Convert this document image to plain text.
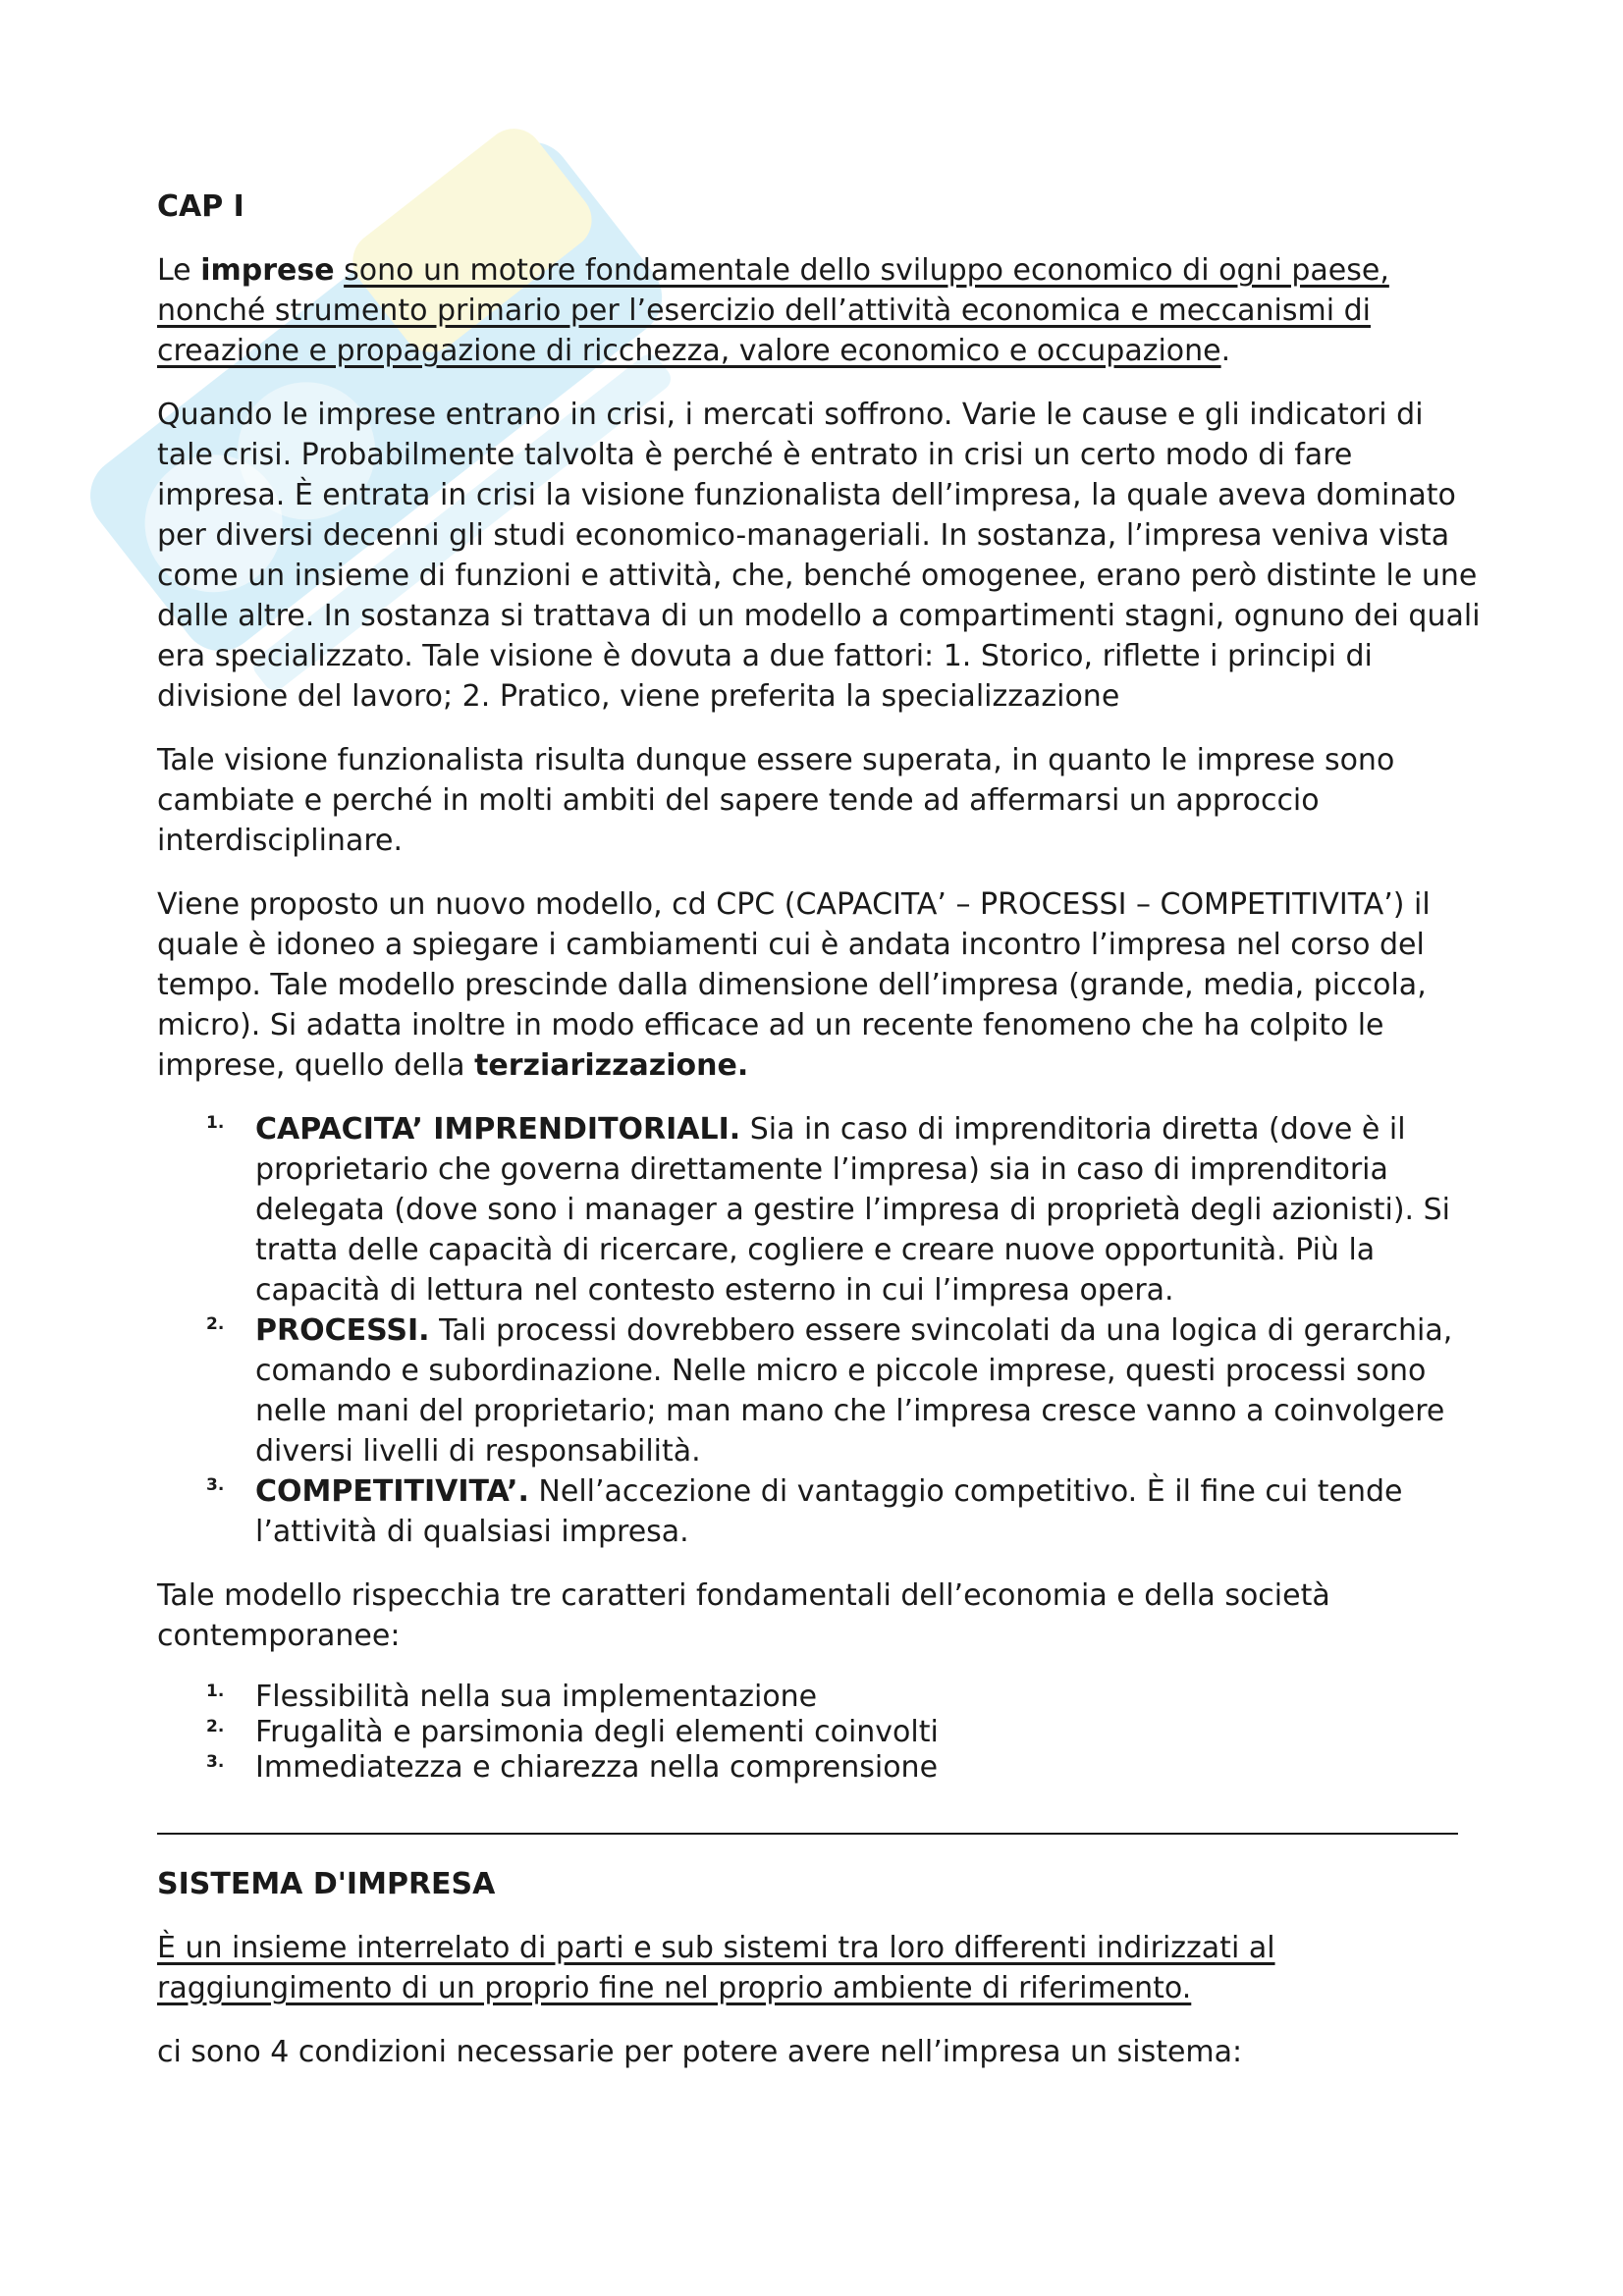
CAP I

Le imprese sono un motore fondamentale dello sviluppo economico di ogni paese, nonché strumento primario per l’esercizio dell’attività economica e meccanismi di creazione e propagazione di ricchezza, valore economico e occupazione.

Quando le imprese entrano in crisi, i mercati soffrono. Varie le cause e gli indicatori di tale crisi. Probabilmente talvolta è perché è entrato in crisi un certo modo di fare impresa. È entrata in crisi la visione funzionalista dell’impresa, la quale aveva dominato per diversi decenni gli studi economico-manageriali. In sostanza, l’impresa veniva vista come un insieme di funzioni e attività, che, benché omogenee, erano però distinte le une dalle altre. In sostanza si trattava di un modello a compartimenti stagni, ognuno dei quali era specializzato. Tale visione è dovuta a due fattori: 1. Storico, riflette i principi di divisione del lavoro; 2. Pratico, viene preferita la specializzazione

Tale visione funzionalista risulta dunque essere superata, in quanto le imprese sono cambiate e perché in molti ambiti del sapere tende ad affermarsi un approccio interdisciplinare.

Viene proposto un nuovo modello, cd CPC (CAPACITA’ – PROCESSI – COMPETITIVITA’) il quale è idoneo a spiegare i cambiamenti cui è andata incontro l’impresa nel corso del tempo. Tale modello prescinde dalla dimensione dell’impresa (grande, media, piccola, micro). Si adatta inoltre in modo efficace ad un recente fenomeno che ha colpito le imprese, quello della terziarizzazione.

1. CAPACITA’ IMPRENDITORIALI. Sia in caso di imprenditoria diretta (dove è il proprietario che governa direttamente l’impresa) sia in caso di imprenditoria delegata (dove sono i manager a gestire l’impresa di proprietà degli azionisti). Si tratta delle capacità di ricercare, cogliere e creare nuove opportunità. Più la capacità di lettura nel contesto esterno in cui l’impresa opera.
2. PROCESSI. Tali processi dovrebbero essere svincolati da una logica di gerarchia, comando e subordinazione. Nelle micro e piccole imprese, questi processi sono nelle mani del proprietario; man mano che l’impresa cresce vanno a coinvolgere diversi livelli di responsabilità.
3. COMPETITIVITA’. Nell’accezione di vantaggio competitivo. È il fine cui tende l’attività di qualsiasi impresa.

Tale modello rispecchia tre caratteri fondamentali dell’economia e della società contemporanee:

1. Flessibilità nella sua implementazione
2. Frugalità e parsimonia degli elementi coinvolti
3. Immediatezza e chiarezza nella comprensione
SISTEMA D'IMPRESA

È un insieme interrelato di parti e sub sistemi tra loro differenti indirizzati al raggiungimento di un proprio fine nel proprio ambiente di riferimento.

ci sono 4 condizioni necessarie per potere avere nell’impresa un sistema:
